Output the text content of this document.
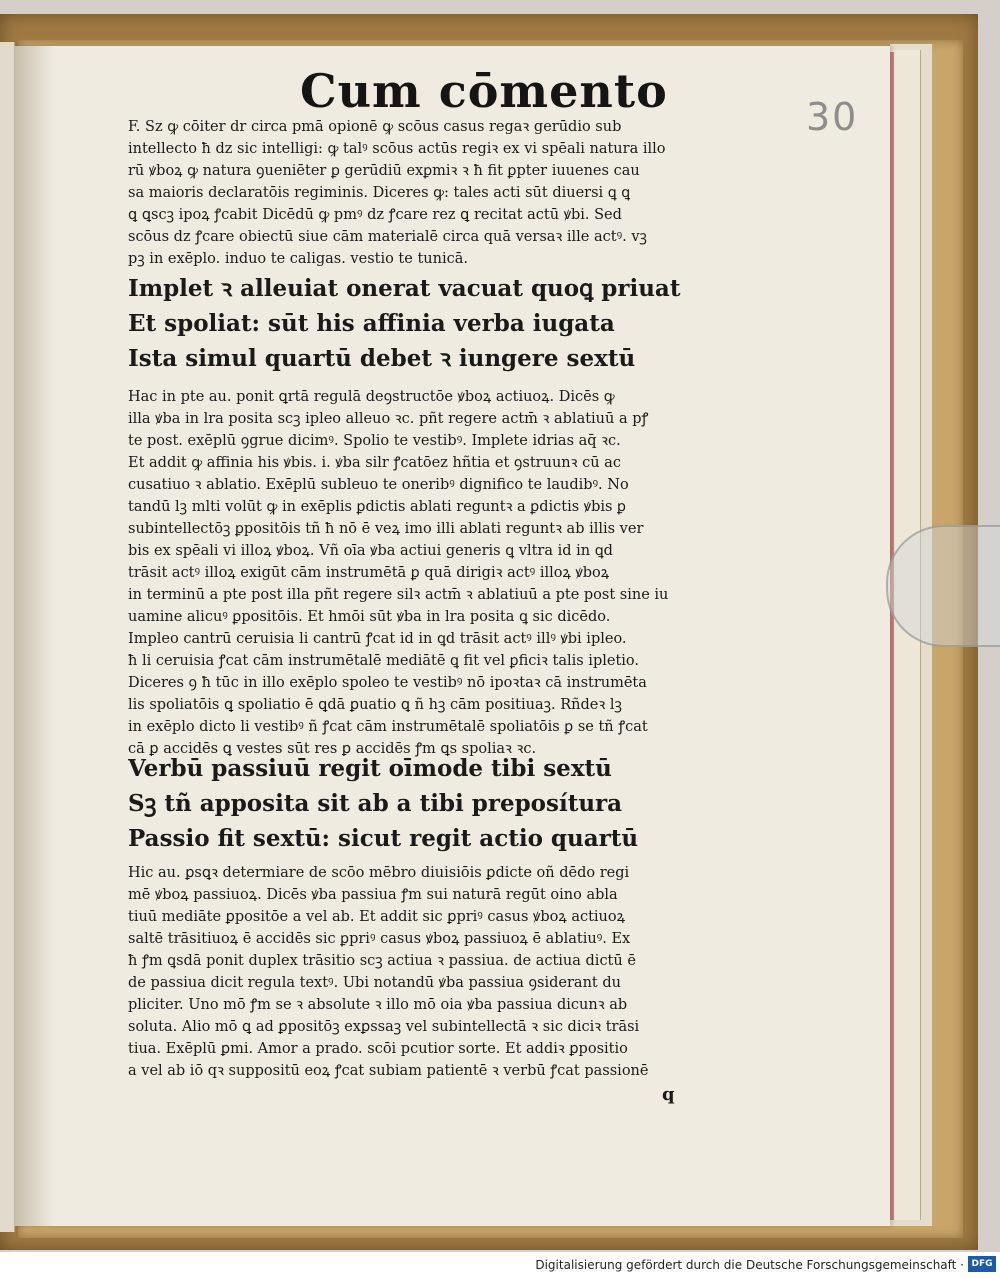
Cum cōmento	30
F. Sz ꝙ cōiter dr circa pmā opionē ꝙ scōus casus regaꝛ gerūdio sub
intellecto ħ dz sic intelligi: ꝙ talꝰ scōus actūs regiꝛ ex vi spēali natura illo
rū ꝟboꝝ ꝙ natura ꝯueniēter ꝑ gerūdiū exꝑmiꝛ ꝛ ħ fit ꝑpter iuuenes cau
sa maioris declaratōis regiminis. Diceres ꝙ: tales acti sūt diuersi ꝗ ꝗ
ꝗ ꝗscꝫ ipoꝝ ꝭcabit Dicēdū ꝙ pmꝰ dz ꝭcare rez ꝗ recitat actū ꝟbi. Sed
scōus dz ꝭcare obiectū siue cām materialē circa quā versaꝛ ille actꝰ. vꝫ
pꝫ in exēplo. induo te caligas. vestio te tunicā.
Implet ꝛ alleuiat onerat vacuat quoꝗ priuat
Et spoliat: sūt his affinia verba iugata
Ista simul quartū debet ꝛ iungere sextū
Hac in pte au. ponit ꝗrtā regulā deꝯstructōe ꝟboꝝ actiuoꝝ. Dicēs ꝙ
illa ꝟba in lra posita scꝫ ipleo alleuo ꝛc. pñt regere actm̄ ꝛ ablatiuū a pꝭ
te post. exēplū ꝯgrue dicimꝰ. Spolio te vestibꝰ. Implete idrias aq̄ ꝛc.
Et addit ꝙ affinia his ꝟbis. i. ꝟba silr ꝭcatōez hñtia et ꝯstruunꝛ cū ac
cusatiuo ꝛ ablatio. Exēplū subleuo te oneribꝰ dignifico te laudibꝰ. No
tandū lꝫ mlti volūt ꝙ in exēplis ꝑdictis ablati reguntꝛ a ꝑdictis ꝟbis ꝑ
subintellectōꝫ ꝑpositōis tñ ħ nō ē veꝝ imo illi ablati reguntꝛ ab illis ver
bis ex spēali vi illoꝝ ꝟboꝝ. Vñ oīa ꝟba actiui generis ꝗ vltra id in ꝗd
trāsit actꝰ illoꝝ exigūt cām instrumētā ꝑ quā dirigiꝛ actꝰ illoꝝ ꝟboꝝ
in terminū a pte post illa pñt regere silꝛ actm̄ ꝛ ablatiuū a pte post sine iu
uamine alicuꝰ ꝑpositōis. Et hmōi sūt ꝟba in lra posita ꝗ sic dicēdo.
Impleo cantrū ceruisia li cantrū ꝭcat id in ꝗd trāsit actꝰ illꝰ ꝟbi ipleo.
ħ li ceruisia ꝭcat cām instrumētalē mediātē ꝗ fit vel ꝑficiꝛ talis ipletio.
Diceres ꝯ ħ tūc in illo exēplo spoleo te vestibꝰ nō ipoꝛtaꝛ cā instrumēta
lis spoliatōis ꝗ spoliatio ē ꝗdā ꝑuatio ꝗ ñ hꝫ cām positiuaꝫ. Rñdeꝛ lꝫ
in exēplo dicto li vestibꝰ ñ ꝭcat cām instrumētalē spoliatōis ꝑ se tñ ꝭcat
cā ꝑ accidēs ꝗ vestes sūt res ꝑ accidēs ꝭm ꝗs spoliaꝛ ꝛc.
Verbū passiuū regit oīmode tibi sextū
Sꝫ tñ apposita sit ab a tibi preposítura
Passio fit sextū: sicut regit actio quartū
Hic au. ꝑsꝗꝛ determiare de scōo mēbro diuisiōis ꝑdicte oñ dēdo regi
mē ꝟboꝝ passiuoꝝ. Dicēs ꝟba passiua ꝭm sui naturā regūt oino abla
tiuū mediāte ꝑpositōe a vel ab. Et addit sic ꝑpriꝰ casus ꝟboꝝ actiuoꝝ
saltē trāsitiuoꝝ ē accidēs sic ꝑpriꝰ casus ꝟboꝝ passiuoꝝ ē ablatiuꝰ. Ex
ħ ꝭm ꝗsdā ponit duplex trāsitio scꝫ actiua ꝛ passiua. de actiua dictū ē
de passiua dicit regula textꝰ. Ubi notandū ꝟba passiua ꝯsiderant du
pliciter. Uno mō ꝭm se ꝛ absolute ꝛ illo mō oia ꝟba passiua dicunꝛ ab
soluta. Alio mō ꝗ ad ꝑpositōꝫ exꝑssaꝫ vel subintellectā ꝛ sic diciꝛ trāsi
tiua. Exēplū ꝑmi. Amor a prado. scōi pcutior sorte. Et addiꝛ ꝑpositio
a vel ab iō qꝛ suppositū eoꝝ ꝭcat subiam patientē ꝛ verbū ꝭcat passionē
q
Digitalisierung gefördert durch die Deutsche Forschungsgemeinschaft · DFG
